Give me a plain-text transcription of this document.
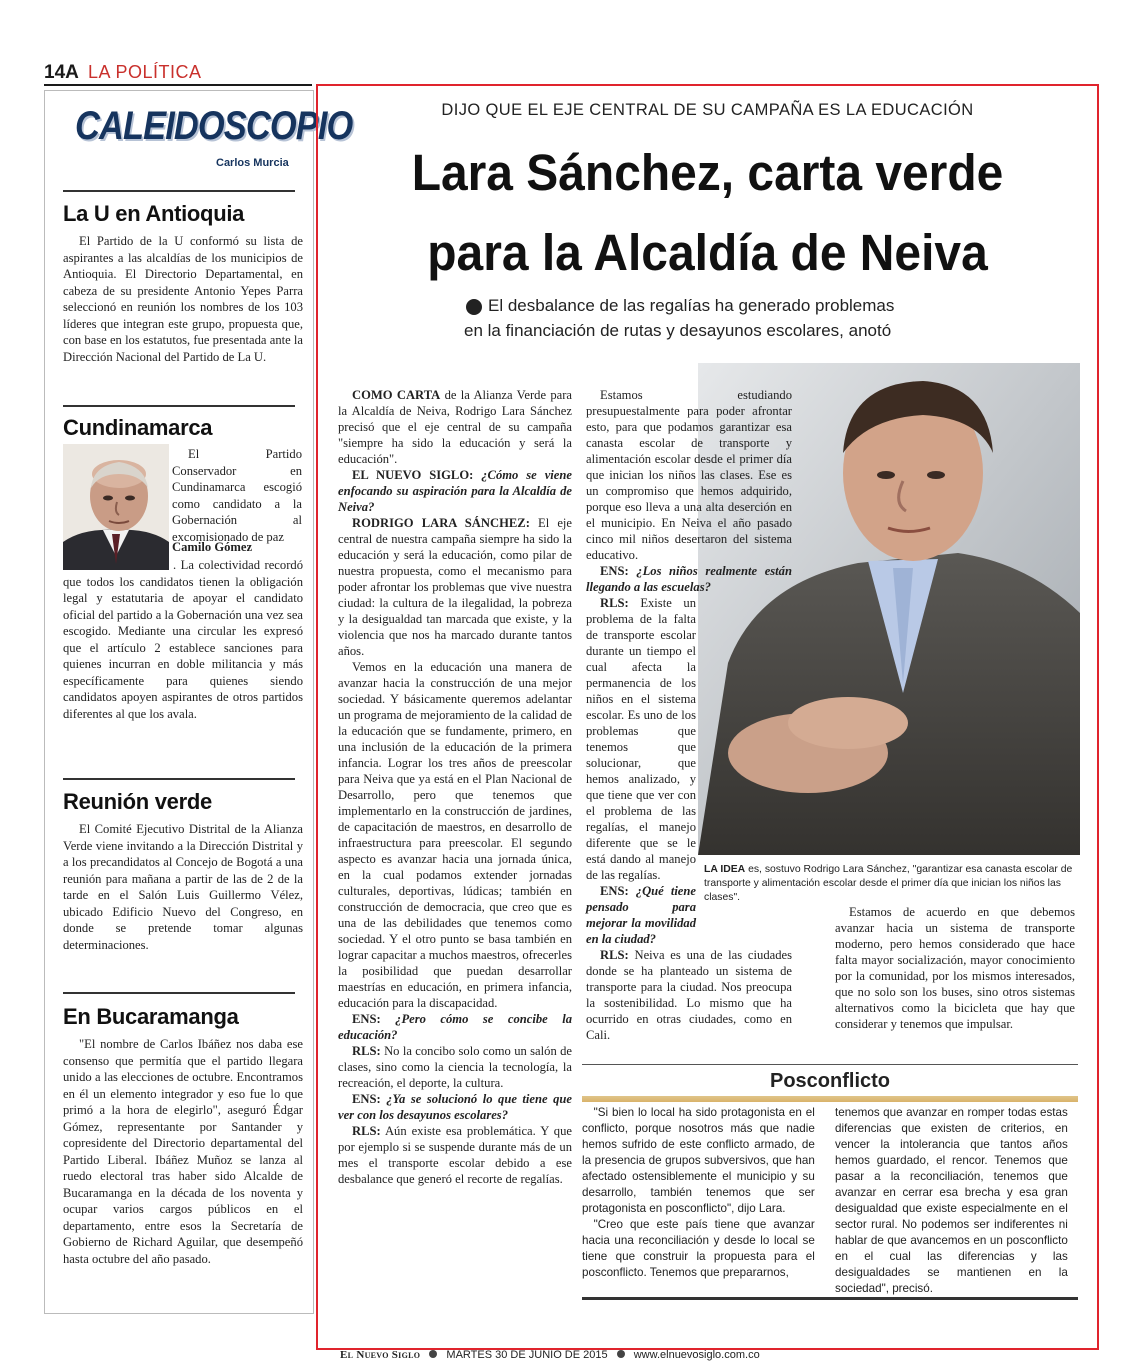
14A LA POLÍTICA
CALEIDOSCOPIO
Carlos Murcia
La U en Antioquia

El Partido de la U conformó su lista de aspirantes a las alcaldías de los municipios de Antioquia. El Directorio Departamental, en cabeza de su presidente Antonio Yepes Parra seleccionó en reunión los nombres de los 103 líderes que integran este grupo, propuesta que, con base en los estatutos, fue presentada ante la Dirección Nacional del Partido de La U.

Cundinamarca

El Partido Conservador en Cundinamarca escogió como candidato a la Gobernación al excomisionado de paz

Camilo Gómez

. La colectividad recordó que todos los candidatos tienen la obligación legal y estatutaria de apoyar el candidato oficial del partido a la Gobernación una vez sea escogido. Mediante una circular les expresó que el artículo 2 establece sanciones para quienes incurran en doble militancia y más específicamente para quienes siendo candidatos apoyen aspirantes de otros partidos diferentes al que los avala.

Reunión verde

El Comité Ejecutivo Distrital de la Alianza Verde viene invitando a la Dirección Distrital y a los precandidatos al Concejo de Bogotá a una reunión para mañana a partir de las de 2 de la tarde en el Salón Luis Guillermo Vélez, ubicado Edificio Nuevo del Congreso, en donde se pretende tomar algunas determinaciones.

En Bucaramanga

"El nombre de Carlos Ibáñez nos daba ese consenso que permitía que el partido llegara unido a las elecciones de octubre. Encontramos en él un elemento integrador y eso fue lo que primó a la hora de elegirlo", aseguró Édgar Gómez, representante por Santander y copresidente del Directorio departamental del Partido Liberal. Ibáñez Muñoz se lanza al ruedo electoral tras haber sido Alcalde de Bucaramanga en la década de los noventa y ocupar varios cargos públicos en el departamento, entre esos la Secretaría de Gobierno de Richard Aguilar, que desempeñó hasta octubre del año pasado.

DIJO QUE EL EJE CENTRAL DE SU CAMPAÑA ES LA EDUCACIÓN
Lara Sánchez, carta verde
para la Alcaldía de Neiva
El desbalance de las regalías ha generado problemas
en la financiación de rutas y desayunos escolares, anotó

COMO CARTA de la Alianza Verde para la Alcaldía de Neiva, Rodrigo Lara Sánchez precisó que el eje central de su campaña "siempre ha sido la educación y será la educación".

EL NUEVO SIGLO: ¿Cómo se viene enfocando su aspiración para la Alcaldía de Neiva?

RODRIGO LARA SÁNCHEZ: El eje central de nuestra campaña siempre ha sido la educación y será la educación, como pilar de nuestra propuesta, como el mecanismo para poder afrontar los problemas que vive nuestra ciudad: la cultura de la ilegalidad, la pobreza y la desigualdad tan marcada que existe, y la violencia que nos ha marcado durante tantos años.

Vemos en la educación una manera de avanzar hacia la construcción de una mejor sociedad. Y básicamente queremos adelantar un programa de mejoramiento de la calidad de la educación que se fundamente, primero, en una inclusión de la educación de la primera infancia. Lograr los tres años de preescolar para Neiva que ya está en el Plan Nacional de Desarrollo, pero que tenemos que implementarlo en la construcción de jardines, de capacitación de maestros, en desarrollo de infraestructura para preescolar. El segundo aspecto es avanzar hacia una jornada única, en la cual podamos extender jornadas culturales, deportivas, lúdicas; también en construcción de democracia, que creo que es una de las debilidades que tenemos como sociedad. Y el otro punto se basa también en lograr capacitar a muchos maestros, ofrecerles la posibilidad que puedan desarrollar maestrías en educación, en primera infancia, educación para la discapacidad.

ENS: ¿Pero cómo se concibe la educación?

RLS: No la concibo solo como un salón de clases, sino como la ciencia la tecnología, la recreación, el deporte, la cultura.

ENS: ¿Ya se solucionó lo que tiene que ver con los desayunos escolares?

RLS: Aún existe esa problemática. Y que por ejemplo si se suspende durante más de un mes el transporte escolar debido a ese desbalance que generó el recorte de regalías.

Estamos estudiando presupuestalmente para poder afrontar esto, para que podamos garantizar esa canasta escolar de transporte y alimentación escolar desde el primer día que inician los niños las clases. Ese es un compromiso que hemos adquirido, porque eso lleva a una alta deserción en el municipio. En Neiva el año pasado cinco mil niños desertaron del sistema educativo.

ENS: ¿Los niños realmente están llegando a las escuelas?

RLS: Existe un problema de la falta de transporte escolar durante un tiempo el cual afecta la permanencia de los niños en el sistema escolar. Es uno de los problemas que tenemos que solucionar, que hemos analizado, y que tiene que ver con el problema de las regalías, el manejo diferente que se le está dando al manejo de las regalías.

ENS: ¿Qué tiene pensado para mejorar la movilidad en la ciudad?

RLS: Neiva es una de las ciudades donde se ha planteado un sistema de transporte para la ciudad. Nos preocupa la sostenibilidad. Lo mismo que ha ocurrido en otras ciudades, como en Cali.

LA IDEA es, sostuvo Rodrigo Lara Sánchez, "garantizar esa canasta escolar de transporte y alimentación escolar desde el primer día que inician los niños las clases".

Estamos de acuerdo en que debemos avanzar hacia un sistema de transporte moderno, pero hemos considerado que hace falta mayor socialización, mayor conocimiento por la comunidad, por los mismos interesados, que no solo son los buses, sino otros sistemas alternativos como la bicicleta que hay que considerar y tenemos que impulsar.

Posconflicto

"Si bien lo local ha sido protagonista en el conflicto, porque nosotros más que nadie hemos sufrido de este conflicto armado, de la presencia de grupos subversivos, que han afectado ostensiblemente el municipio y su desarrollo, también tenemos que ser protagonista en posconflicto", dijo Lara.

"Creo que este país tiene que avanzar hacia una reconciliación y desde lo local se tiene que construir la propuesta para el posconflicto. Tenemos que prepararnos,

tenemos que avanzar en romper todas estas diferencias que existen de criterios, en vencer la intolerancia que tantos años hemos guardado, el rencor. Tenemos que pasar a la reconciliación, tenemos que avanzar en cerrar esa brecha y esa gran desigualdad que existe especialmente en el sector rural. No podemos ser indiferentes ni hablar de que avancemos en un posconflicto en el cual las diferencias y las desigualdades se mantienen en la sociedad", precisó.

El Nuevo Siglo MARTES 30 DE JUNIO DE 2015 www.elnuevosiglo.com.co
